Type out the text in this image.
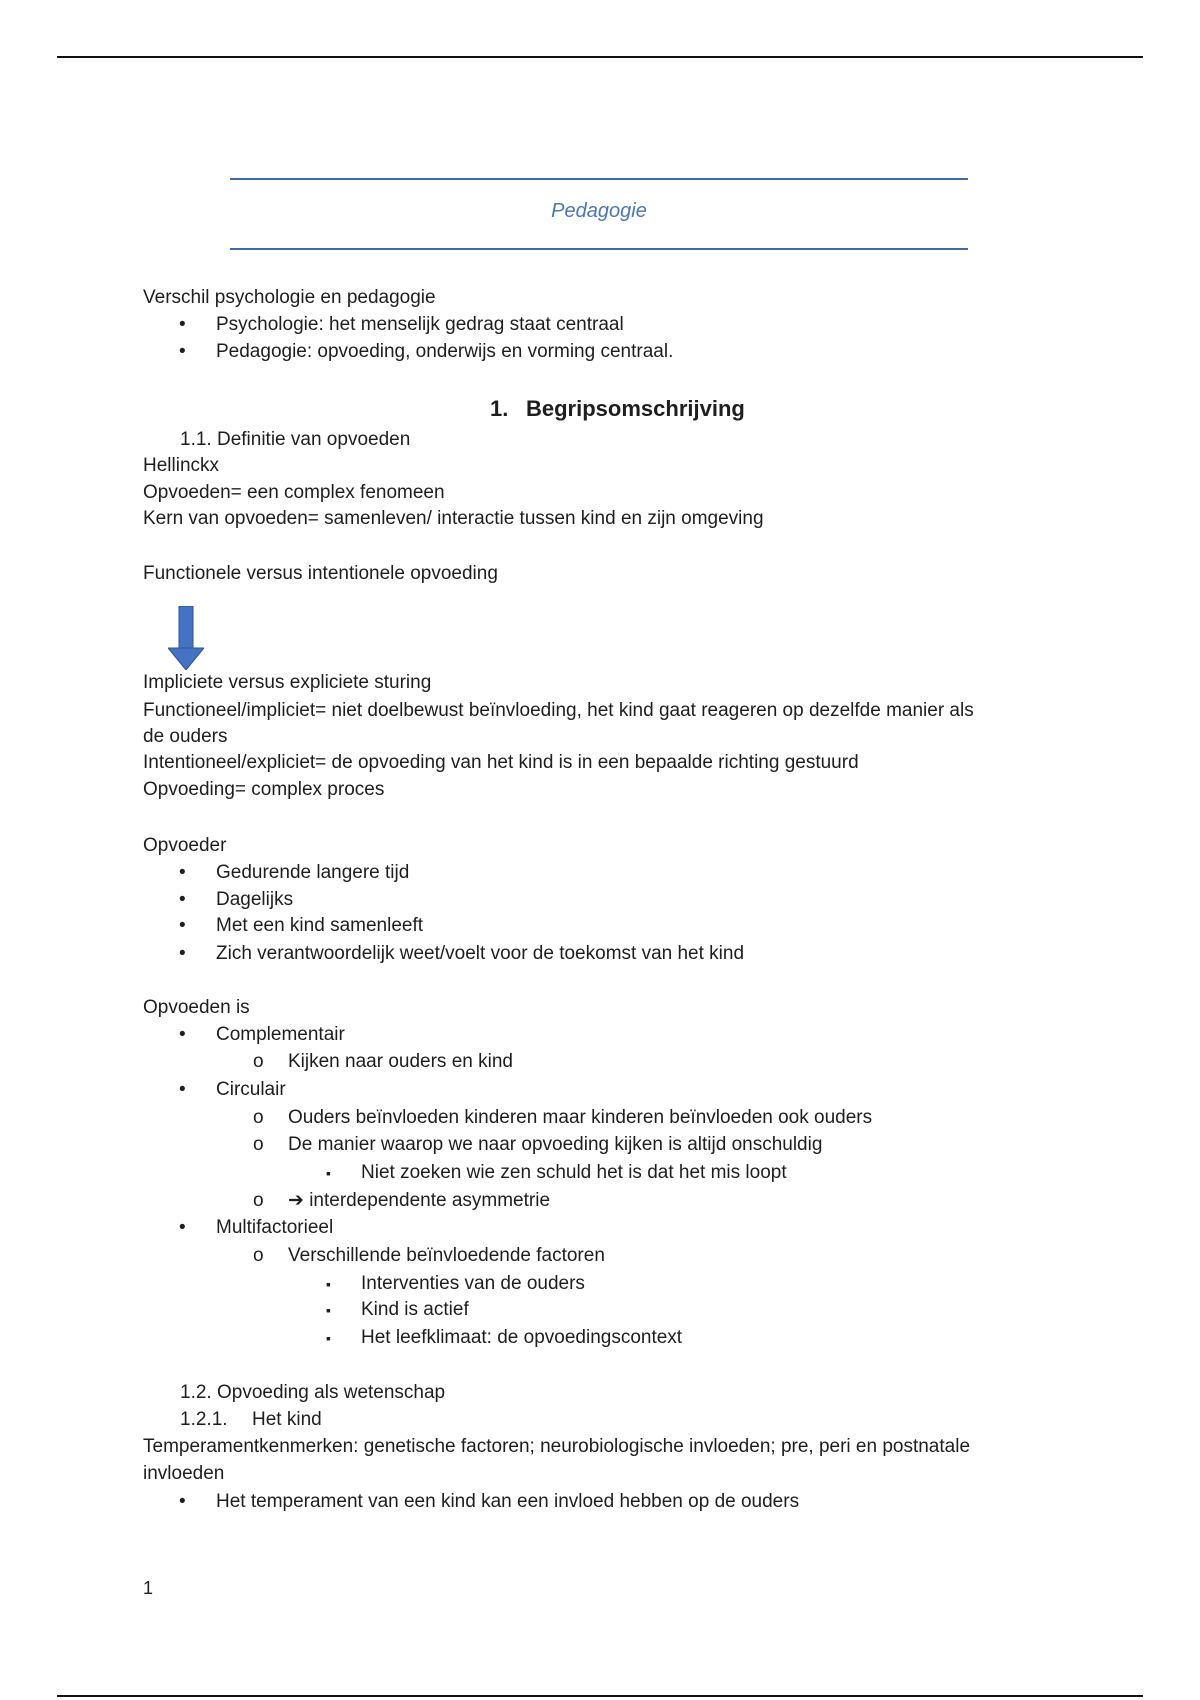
Pedagogie
Verschil psychologie en pedagogie
• Psychologie: het menselijk gedrag staat centraal
• Pedagogie: opvoeding, onderwijs en vorming centraal.
1. Begripsomschrijving
1.1. Definitie van opvoeden
Hellinckx
Opvoeden= een complex fenomeen
Kern van opvoeden= samenleven/ interactie tussen kind en zijn omgeving
Functionele versus intentionele opvoeding
Impliciete versus expliciete sturing
Functioneel/impliciet= niet doelbewust beïnvloeding, het kind gaat reageren op dezelfde manier als
de ouders
Intentioneel/expliciet= de opvoeding van het kind is in een bepaalde richting gestuurd
Opvoeding= complex proces
Opvoeder
• Gedurende langere tijd
• Dagelijks
• Met een kind samenleeft
• Zich verantwoordelijk weet/voelt voor de toekomst van het kind
Opvoeden is
• Complementair
o Kijken naar ouders en kind
• Circulair
o Ouders beïnvloeden kinderen maar kinderen beïnvloeden ook ouders
o De manier waarop we naar opvoeding kijken is altijd onschuldig
▪ Niet zoeken wie zen schuld het is dat het mis loopt
o ➔ interdependente asymmetrie
• Multifactorieel
o Verschillende beïnvloedende factoren
▪ Interventies van de ouders
▪ Kind is actief
▪ Het leefklimaat: de opvoedingscontext
1.2. Opvoeding als wetenschap
1.2.1. Het kind
Temperamentkenmerken: genetische factoren; neurobiologische invloeden; pre, peri en postnatale
invloeden
• Het temperament van een kind kan een invloed hebben op de ouders
1
